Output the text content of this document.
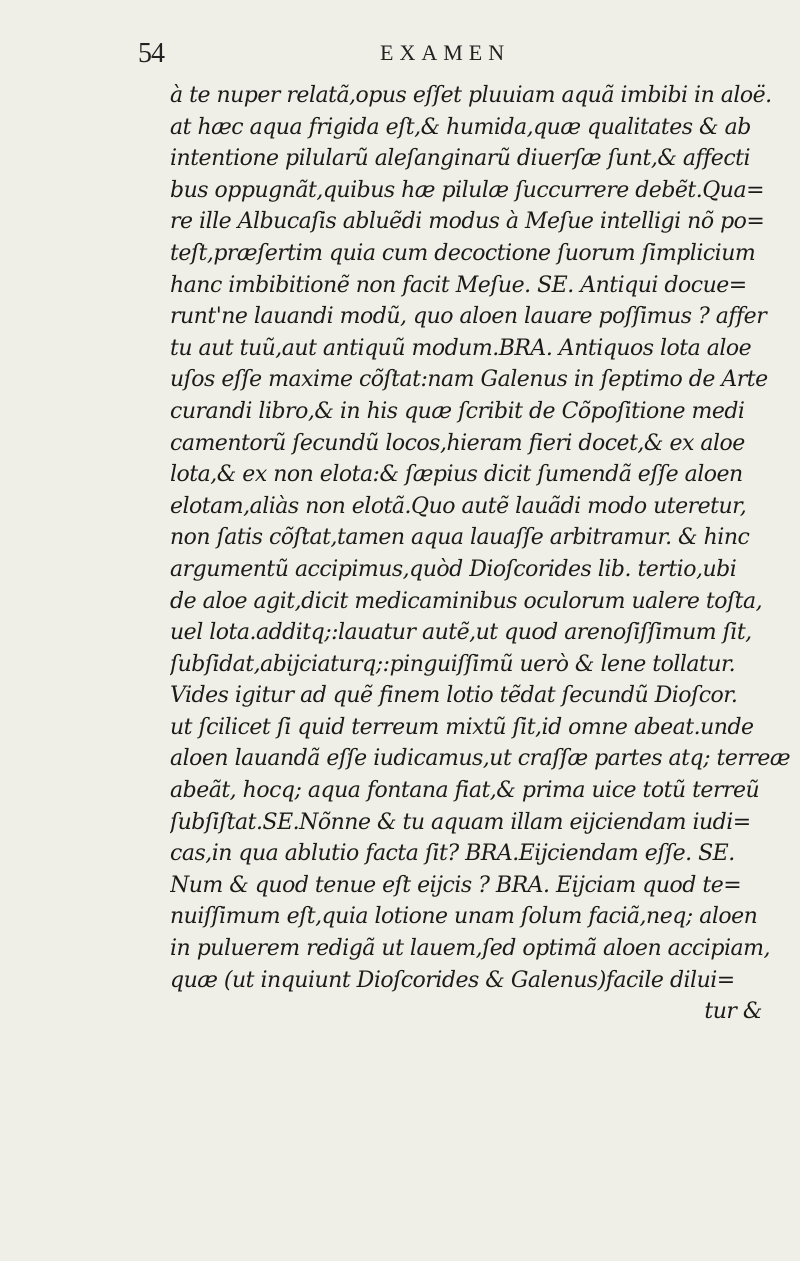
54	EXAMEN
à te nuper relatã,opus eſſet pluuiam aquã imbibi in aloë.
at hæc aqua frigida eſt,& humida,quæ qualitates & ab
intentione pilularũ aleſanginarũ diuerſæ ſunt,& affecti
bus oppugnãt,quibus hæ pilulæ ſuccurrere debẽt.Qua=
re ille Albucaſis abluẽdi modus à Meſue intelligi nõ po=
teſt,præſertim quia cum decoctione ſuorum ſimplicium
hanc imbibitionẽ non facit Meſue. SE. Antiqui docue=
runt'ne lauandi modũ, quo aloen lauare poſſimus ? affer
tu aut tuũ,aut antiquũ modum.BRA. Antiquos lota aloe
uſos eſſe maxime cõſtat:nam Galenus in ſeptimo de Arte
curandi libro,& in his quæ ſcribit de Cõpoſitione medi
camentorũ ſecundũ locos,hieram fieri docet,& ex aloe
lota,& ex non elota:& ſæpius dicit ſumendã eſſe aloen
elotam,aliàs non elotã.Quo autẽ lauãdi modo uteretur,
non ſatis cõſtat,tamen aqua lauaſſe arbitramur. & hinc
argumentũ accipimus,quòd Dioſcorides lib. tertio,ubi
de aloe agit,dicit medicaminibus oculorum ualere toſta,
uel lota.additq;:lauatur autẽ,ut quod arenoſiſſimum ſit,
ſubſidat,abijciaturq;:pinguiſſimũ uerò & lene tollatur.
Vides igitur ad quẽ finem lotio tẽdat ſecundũ Dioſcor.
ut ſcilicet ſi quid terreum mixtũ ſit,id omne abeat.unde
aloen lauandã eſſe iudicamus,ut craſſæ partes atq; terreæ
abeãt, hocq; aqua fontana fiat,& prima uice totũ terreũ
ſubſiſtat.SE.Nõnne & tu aquam illam eijciendam iudi=
cas,in qua ablutio facta ſit? BRA.Eijciendam eſſe. SE.
Num & quod tenue eſt eijcis ? BRA. Eijciam quod te=
nuiſſimum eſt,quia lotione unam ſolum faciã,neq; aloen
in puluerem redigã ut lauem,ſed optimã aloen accipiam,
quæ (ut inquiunt Dioſcorides & Galenus)facile dilui=
tur &
